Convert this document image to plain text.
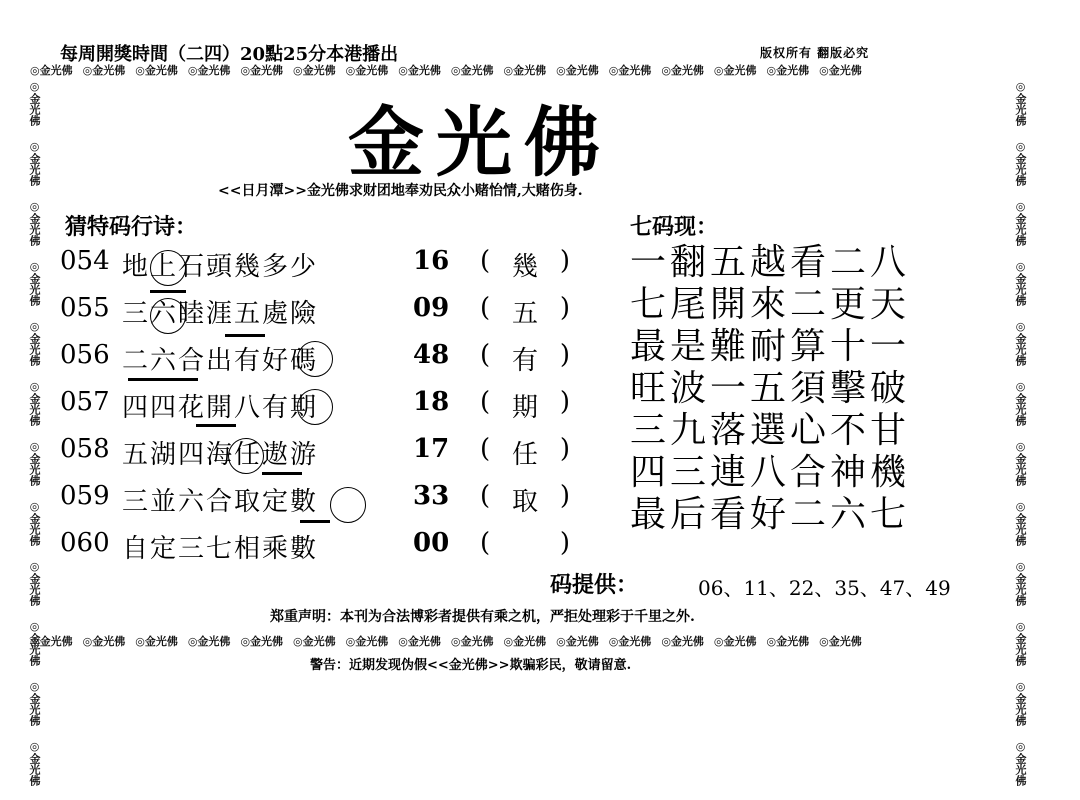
每周開獎時間（二四）20點25分本港播出	版权所有 翻版必究
◎金光佛 ◎金光佛 ◎金光佛 ◎金光佛 ◎金光佛 ◎金光佛 ◎金光佛 ◎金光佛 ◎金光佛 ◎金光佛 ◎金光佛 ◎金光佛 ◎金光佛 ◎金光佛 ◎金光佛 ◎金光佛
◎金光佛 ◎金光佛 ◎金光佛 ◎金光佛 ◎金光佛 ◎金光佛 ◎金光佛 ◎金光佛 ◎金光佛 ◎金光佛 ◎金光佛 ◎金光佛 ◎金光佛 ◎金光佛 ◎金光佛 ◎金光佛
◎金光佛◎金光佛◎金光佛◎金光佛◎金光佛◎金光佛◎金光佛◎金光佛◎金光佛◎金光佛◎金光佛◎金光佛
◎金光佛◎金光佛◎金光佛◎金光佛◎金光佛◎金光佛◎金光佛◎金光佛◎金光佛◎金光佛◎金光佛◎金光佛
金光佛
<<日月潭>>金光佛求财团地奉劝民众小赌怡情,大赌伤身.
猜特码行诗：	七码现：
054 地上石頭幾多少	16 ( 幾 )
055 三六睦涯五處險	09 ( 五 )
056 二六合出有好碼	48 ( 有 )
057 四四花開八有期	18 ( 期 )
058 五湖四海任遨游	17 ( 任 )
059 三並六合取定數	33 ( 取 )
060 自定三七相乘數	00 (	)
一翻五越看二八
七尾開來二更天
最是難耐算十一
旺波一五須擊破
三九落選心不甘
四三連八合神機
最后看好二六七
码提供：	06、11、22、35、47、49
郑重声明：本刊为合法博彩者提供有乘之机，严拒处理彩于千里之外.
警告：近期发现伪假<<金光佛>>欺骗彩民，敬请留意.
